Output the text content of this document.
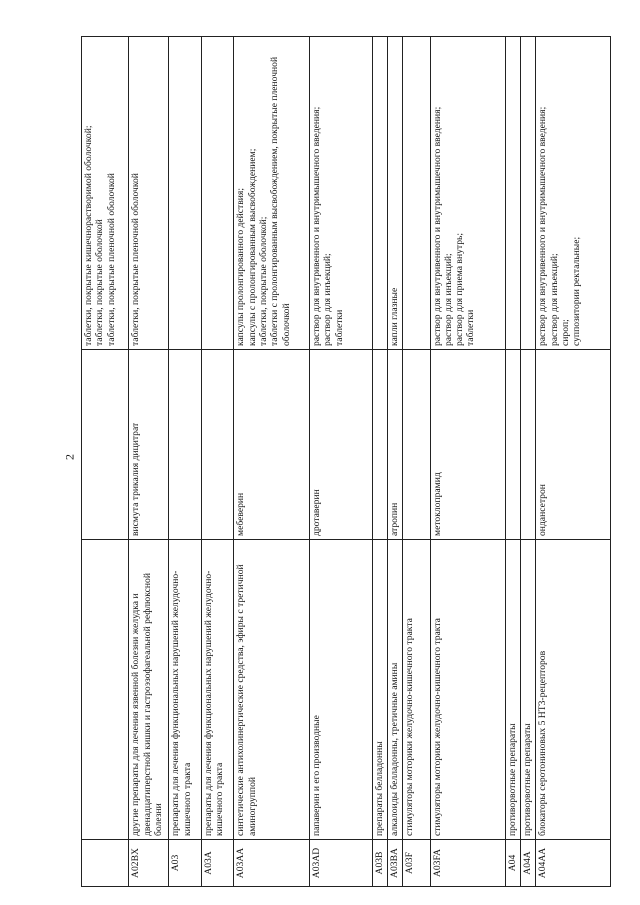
2
			таблетки, покрытые кишечнорастворимой оболочкой;
таблетки, покрытые оболочкой
таблетки, покрытые пленочной оболочкой
A02BX	другие препараты для лечения язвенной болезни желудка и двенадцатиперстной кишки и гастроэзофагеальной рефлюксной болезни	висмута трикалия дицитрат	таблетки, покрытые пленочной оболочкой
A03	препараты для лечения функциональных нарушений желудочно-кишечного тракта		
A03A	препараты для лечения функциональных нарушений желудочно-кишечного тракта		
A03AA	синтетические антихолинергические средства, эфиры с третичной аминогруппой	мебеверин	капсулы пролонгированного действия;
капсулы с пролонгированным высвобождением;
таблетки, покрытые оболочкой;
таблетки с пролонгированным высвобождением, покрытые пленочной оболочкой
A03AD	папаверин и его производные	дротаверин	раствор для внутривенного и внутримышечного введения;
раствор для инъекций;
таблетки
A03B	препараты белладонны		
A03BA	алкалоиды белладонны, третичные амины	атропин	капли глазные
A03F	стимуляторы моторики желудочно-кишечного тракта		
A03FA	стимуляторы моторики желудочно-кишечного тракта	метоклопрамид	раствор для внутривенного и внутримышечного введения;
раствор для инъекций;
раствор для приема внутрь;
таблетки
A04	противорвотные препараты		
A04A	противорвотные препараты		
A04AA	блокаторы серотониновых 5 HT3-рецепторов	ондансетрон	раствор для внутривенного и внутримышечного введения;
раствор для инъекций;
сироп;
суппозитории ректальные;
